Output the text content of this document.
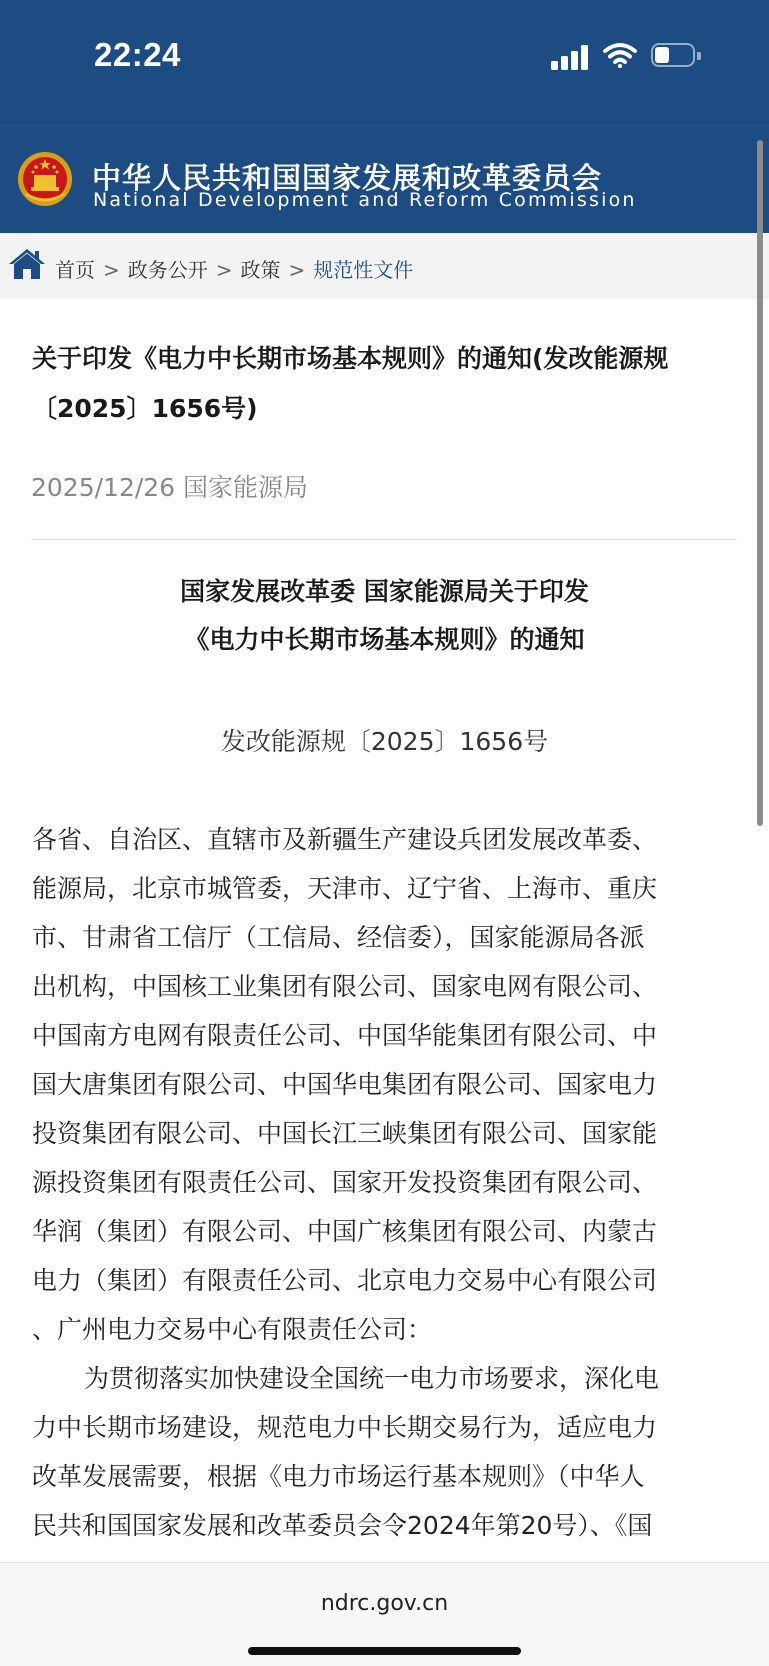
22:24
中华人民共和国国家发展和改革委员会
National Development and Reform Commission
首页 > 政务公开 > 政策 > 规范性文件
关于印发《电力中长期市场基本规则》的通知(发改能源规
〔2025〕1656号)
2025/12/26 国家能源局
国家发展改革委 国家能源局关于印发
《电力中长期市场基本规则》的通知
发改能源规〔2025〕1656号

各省、自治区、直辖市及新疆生产建设兵团发展改革委、

能源局，北京市城管委，天津市、辽宁省、上海市、重庆

市、甘肃省工信厅（工信局、经信委），国家能源局各派

出机构，中国核工业集团有限公司、国家电网有限公司、

中国南方电网有限责任公司、中国华能集团有限公司、中

国大唐集团有限公司、中国华电集团有限公司、国家电力

投资集团有限公司、中国长江三峡集团有限公司、国家能

源投资集团有限责任公司、国家开发投资集团有限公司、

华润（集团）有限公司、中国广核集团有限公司、内蒙古

电力（集团）有限责任公司、北京电力交易中心有限公司

、广州电力交易中心有限责任公司：

为贯彻落实加快建设全国统一电力市场要求，深化电

力中长期市场建设，规范电力中长期交易行为，适应电力

改革发展需要，根据《电力市场运行基本规则》（中华人

民共和国国家发展和改革委员会令2024年第20号）、《国

ndrc.gov.cn
